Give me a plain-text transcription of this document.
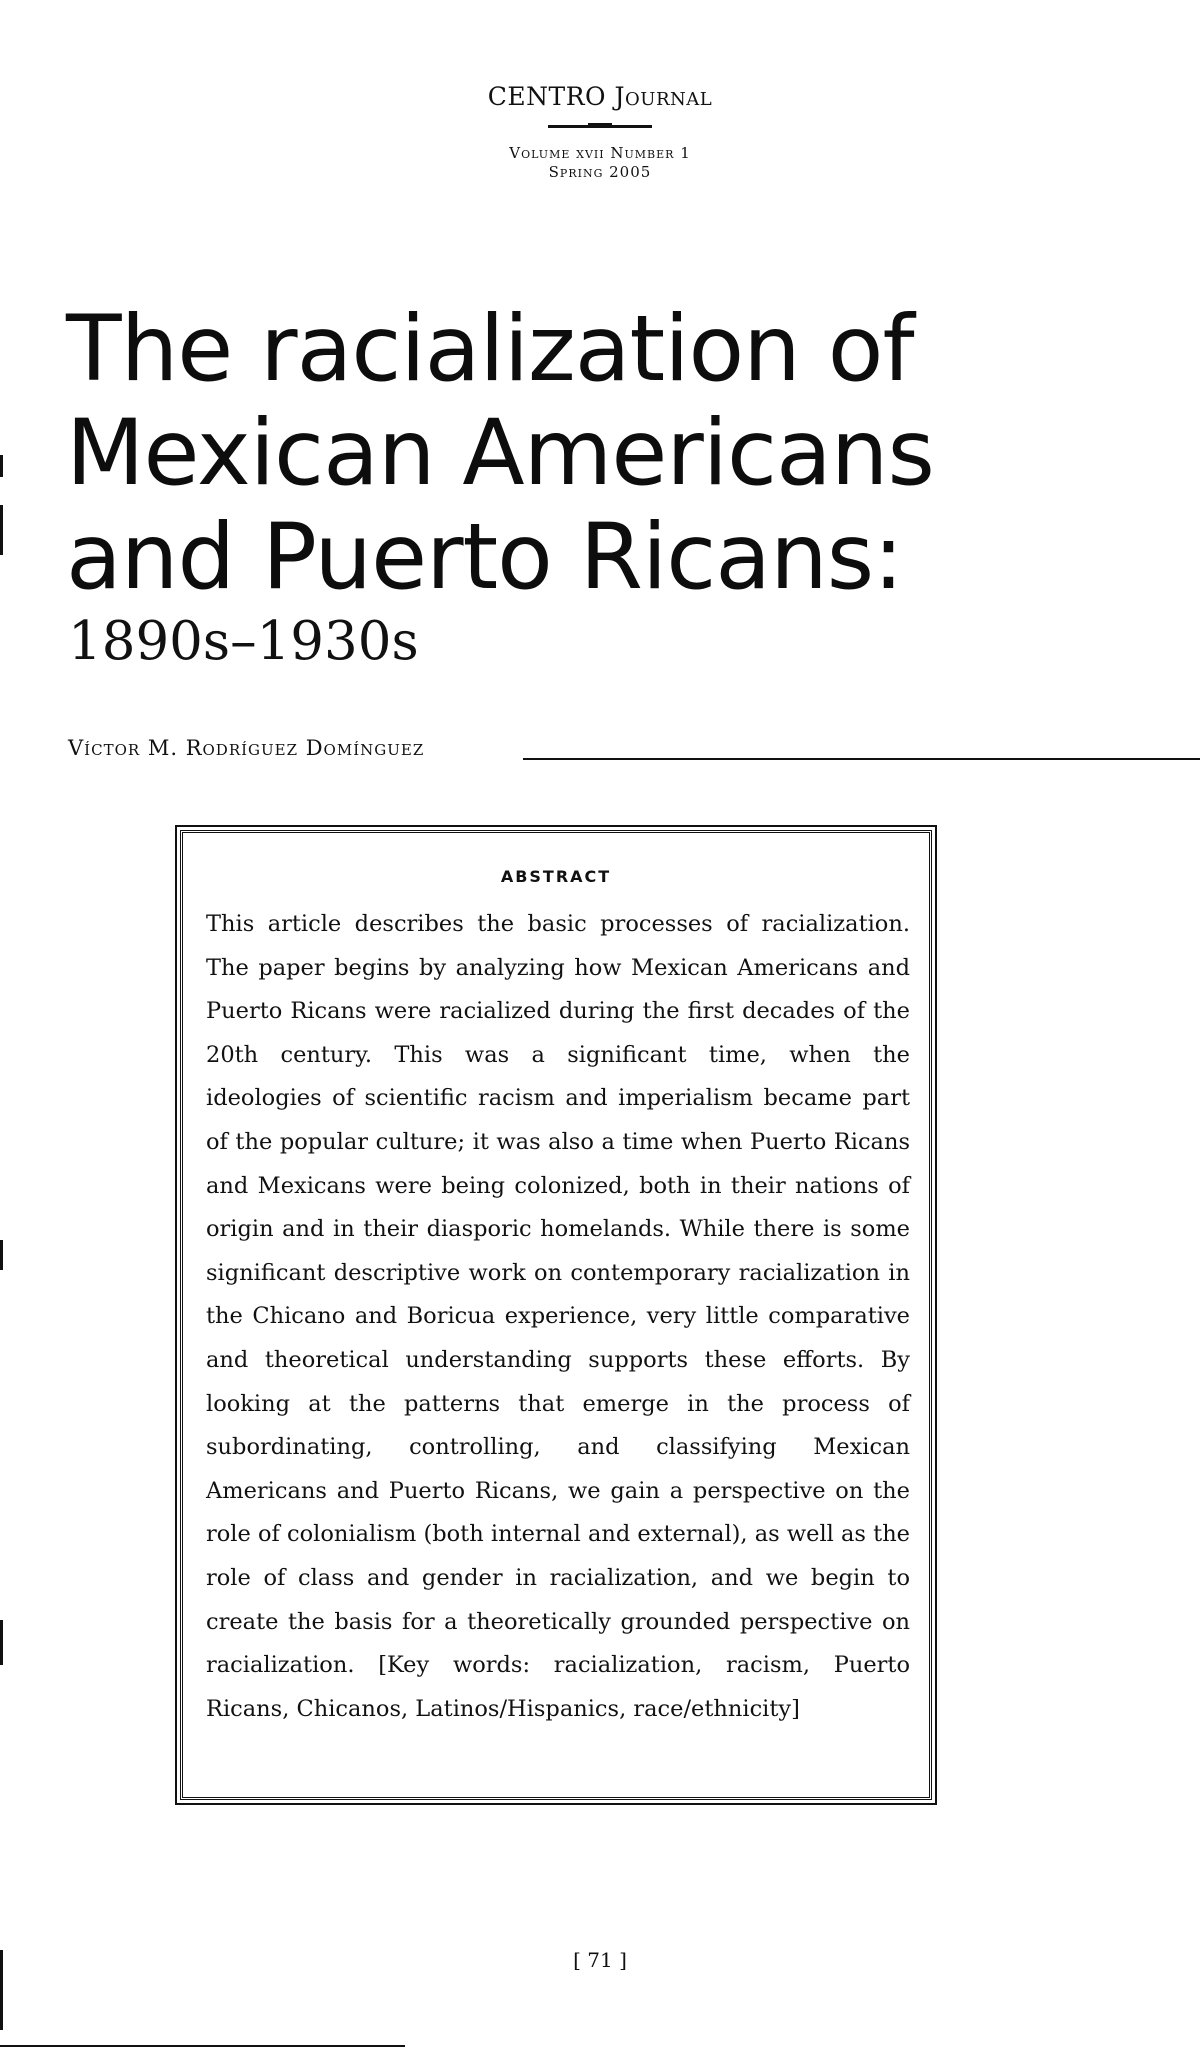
CENTRO Journal
Volume xvii Number 1
Spring 2005
The racialization of
Mexican Americans
and Puerto Ricans:
1890s–1930s
Víctor M. Rodríguez Domínguez
ABSTRACT

This article describes the basic processes of racialization. The paper begins by analyzing how Mexican Americans and Puerto Ricans were racialized during the first decades of the 20th century. This was a significant time, when the ideologies of scientific racism and imperialism became part of the popular culture; it was also a time when Puerto Ricans and Mexicans were being colonized, both in their nations of origin and in their diasporic homelands. While there is some significant descriptive work on contemporary racialization in the Chicano and Boricua experience, very little comparative and theoretical understanding supports these efforts. By looking at the patterns that emerge in the process of subordinating, controlling, and classifying Mexican Americans and Puerto Ricans, we gain a perspective on the role of colonialism (both internal and external), as well as the role of class and gender in racialization, and we begin to create the basis for a theoretically grounded perspective on racialization. [Key words: racialization, racism, Puerto Ricans, Chicanos, Latinos/Hispanics, race/ethnicity]

[ 71 ]
